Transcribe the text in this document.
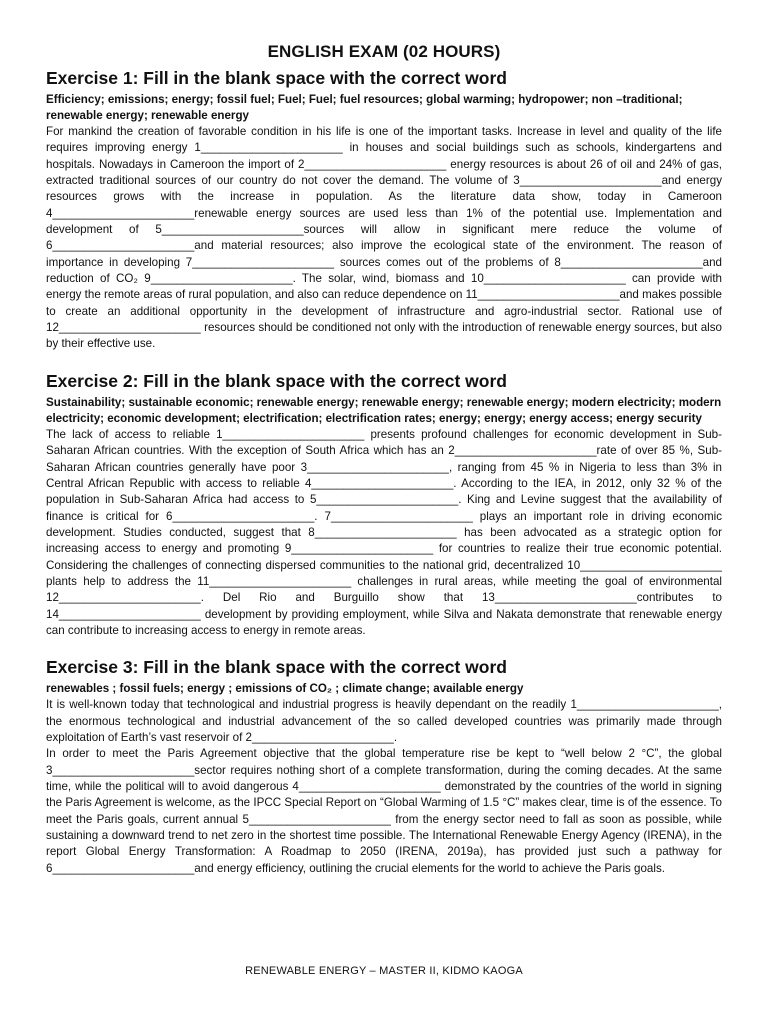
ENGLISH EXAM (02 HOURS)
Exercise 1: Fill in the blank space with the correct word
Efficiency; emissions; energy; fossil fuel; Fuel; Fuel; fuel resources; global warming; hydropower; non –traditional; renewable energy; renewable energy
For mankind the creation of favorable condition in his life is one of the important tasks. Increase in level and quality of the life requires improving energy 1______________________ in houses and social buildings such as schools, kindergartens and hospitals. Nowadays in Cameroon the import of 2______________________ energy resources is about 26 of oil and 24% of gas, extracted traditional sources of our country do not cover the demand. The volume of 3______________________and energy resources grows with the increase in population. As the literature data show, today in Cameroon 4______________________renewable energy sources are used less than 1% of the potential use. Implementation and development of 5______________________sources will allow in significant mere reduce the volume of 6______________________and material resources; also improve the ecological state of the environment. The reason of importance in developing 7______________________ sources comes out of the problems of 8______________________and reduction of CO₂ 9______________________. The solar, wind, biomass and 10______________________ can provide with energy the remote areas of rural population, and also can reduce dependence on 11______________________and makes possible to create an additional opportunity in the development of infrastructure and agro-industrial sector. Rational use of 12______________________ resources should be conditioned not only with the introduction of renewable energy sources, but also by their effective use.
Exercise 2: Fill in the blank space with the correct word
Sustainability; sustainable economic; renewable energy; renewable energy; renewable energy; modern electricity; modern electricity; economic development; electrification; electrification rates; energy; energy; energy access; energy security
The lack of access to reliable 1______________________ presents profound challenges for economic development in Sub-Saharan African countries. With the exception of South Africa which has an 2______________________rate of over 85 %, Sub-Saharan African countries generally have poor 3______________________, ranging from 45 % in Nigeria to less than 3% in Central African Republic with access to reliable 4______________________. According to the IEA, in 2012, only 32 % of the population in Sub-Saharan Africa had access to 5______________________. King and Levine suggest that the availability of finance is critical for 6______________________. 7______________________ plays an important role in driving economic development. Studies conducted, suggest that 8______________________ has been advocated as a strategic option for increasing access to energy and promoting 9______________________ for countries to realize their true economic potential. Considering the challenges of connecting dispersed communities to the national grid, decentralized 10______________________ plants help to address the 11______________________ challenges in rural areas, while meeting the goal of environmental 12______________________. Del Rio and Burguillo show that 13______________________contributes to 14______________________ development by providing employment, while Silva and Nakata demonstrate that renewable energy can contribute to increasing access to energy in remote areas.
Exercise 3: Fill in the blank space with the correct word
renewables ; fossil fuels; energy ; emissions of CO₂ ; climate change; available energy
It is well-known today that technological and industrial progress is heavily dependant on the readily 1______________________, the enormous technological and industrial advancement of the so called developed countries was primarily made through exploitation of Earth’s vast reservoir of 2______________________.
In order to meet the Paris Agreement objective that the global temperature rise be kept to “well below 2 °C”, the global 3______________________sector requires nothing short of a complete transformation, during the coming decades. At the same time, while the political will to avoid dangerous 4______________________ demonstrated by the countries of the world in signing the Paris Agreement is welcome, as the IPCC Special Report on “Global Warming of 1.5 °C” makes clear, time is of the essence. To meet the Paris goals, current annual 5______________________ from the energy sector need to fall as soon as possible, while sustaining a downward trend to net zero in the shortest time possible. The International Renewable Energy Agency (IRENA), in the report Global Energy Transformation: A Roadmap to 2050 (IRENA, 2019a), has provided just such a pathway for 6______________________and energy efficiency, outlining the crucial elements for the world to achieve the Paris goals.
RENEWABLE ENERGY – MASTER II, KIDMO KAOGA
